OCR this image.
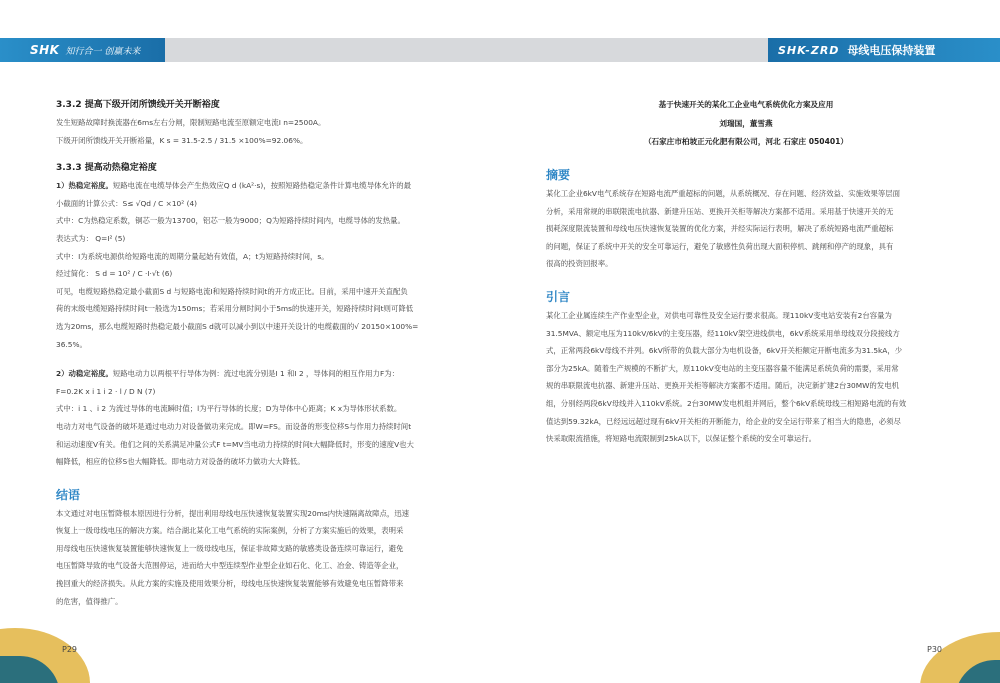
SHK 知行合一 创赢未来	SHK-ZRD 母线电压保持装置
3.3.2 提高下级开闭所馈线开关开断裕度
发生短路故障时换流器在6ms左右分闸，限制短路电流至原额定电流I n=2500A。
下级开闭所馈线开关开断裕量，K s = 31.5-2.5 / 31.5 ×100%=92.06%。
3.3.3 提高动热稳定裕度
1）热稳定裕度。短路电流在电缆导体会产生热效应Q d (kA²·s)，按照短路热稳定条件计算电缆导体允许的最
小截面的计算公式：S≤ √Qd / C ×10² (4)
式中：C为热稳定系数，铜芯一般为13700，铝芯一般为9000；Q为短路持续时间内，电缆导体的发热量。
表达式为： Q=I² (5)
式中：I为系统电源供给短路电流的周期分量起始有效值，A；t为短路持续时间，s。
经过简化： S d = 10² / C ·I·√t (6)
可见，电缆短路热稳定最小截面S d 与短路电流I和短路持续时间t的开方成正比。目前，采用中速开关直配负
荷的末级电缆短路持续时间t一般选为150ms；若采用分闸时间小于5ms的快速开关，短路持续时间t则可降低
选为20ms，那么电缆短路时热稳定最小截面S d就可以减小到以中速开关设计的电缆截面的√ 20150×100%=
36.5%。
2）动稳定裕度。短路电动力以两根平行导体为例：流过电流分别是I 1 和I 2 ，导体间的相互作用力F为：
F=0.2K x i 1 i 2 · l / D N (7)
式中：i 1 、i 2 为流过导体的电流瞬时值；l为平行导体的长度；D为导体中心距离；K x为导体形状系数。
电动力对电气设备的破坏是通过电动力对设备做功来完成。即W=FS。而设备的形变位移S与作用力持续时间t
和运动速度V有关。他们之间的关系满足冲量公式F t=MV当电动力持续的时间t大幅降低时，形变的速度V也大
幅降低，相应的位移S也大幅降低。即电动力对设备的破坏力做功大大降低。
结语
本文通过对电压暂降根本原因进行分析，提出利用母线电压快速恢复装置实现20ms内快速隔离故障点，迅速
恢复上一级母线电压的解决方案。结合湖北某化工电气系统的实际案例，分析了方案实施后的效果，表明采
用母线电压快速恢复装置能够快速恢复上一级母线电压，保证非故障支路的敏感类设备连续可靠运行，避免
电压暂降导致的电气设备大范围停运，进而给大中型连续型作业型企业如石化、化工、冶金、铸造等企业，
挽回重大的经济损失。从此方案的实施及使用效果分析，母线电压快速恢复装置能够有效避免电压暂降带来
的危害，值得推广。
基于快速开关的某化工企业电气系统优化方案及应用
刘瑞国，董雪燕
（石家庄市柏坡正元化肥有限公司，河北 石家庄 050401）
摘要
某化工企业6kV电气系统存在短路电流严重超标的问题，从系统概况、存在问题、经济效益、实施效果等层面
分析，采用常规的串联限流电抗器、新建升压站、更换开关柜等解决方案都不适用。采用基于快速开关的无
损耗深度限流装置和母线电压快速恢复装置的优化方案，并经实际运行表明，解决了系统短路电流严重超标
的问题，保证了系统中开关的安全可靠运行，避免了敏感性负荷出现大面积停机、跳闸和停产的现象，具有
很高的投资回报率。
引言
某化工企业属连续生产作业型企业，对供电可靠性及安全运行要求很高。现110kV变电站安装有2台容量为
31.5MVA、额定电压为110kV/6kV的主变压器，经110kV架空进线供电，6kV系统采用单母线双分段接线方
式，正常两段6kV母线不并列。6kV所带的负载大部分为电机设备，6kV开关柜额定开断电流多为31.5kA，少
部分为25kA。随着生产规模的不断扩大，原110kV变电站的主变压器容量不能满足系统负荷的需要，采用常
规的串联限流电抗器、新建升压站、更换开关柜等解决方案都不适用。随后，决定新扩建2台30MW的发电机
组，分别经两段6kV母线并入110kV系统。2台30MW发电机组并网后，整个6kV系统母线三相短路电流的有效
值达到59.32kA，已经远远超过现有6kV开关柜的开断能力，给企业的安全运行带来了相当大的隐患，必须尽
快采取限流措施，将短路电流限制到25kA以下，以保证整个系统的安全可靠运行。
P29	P30
